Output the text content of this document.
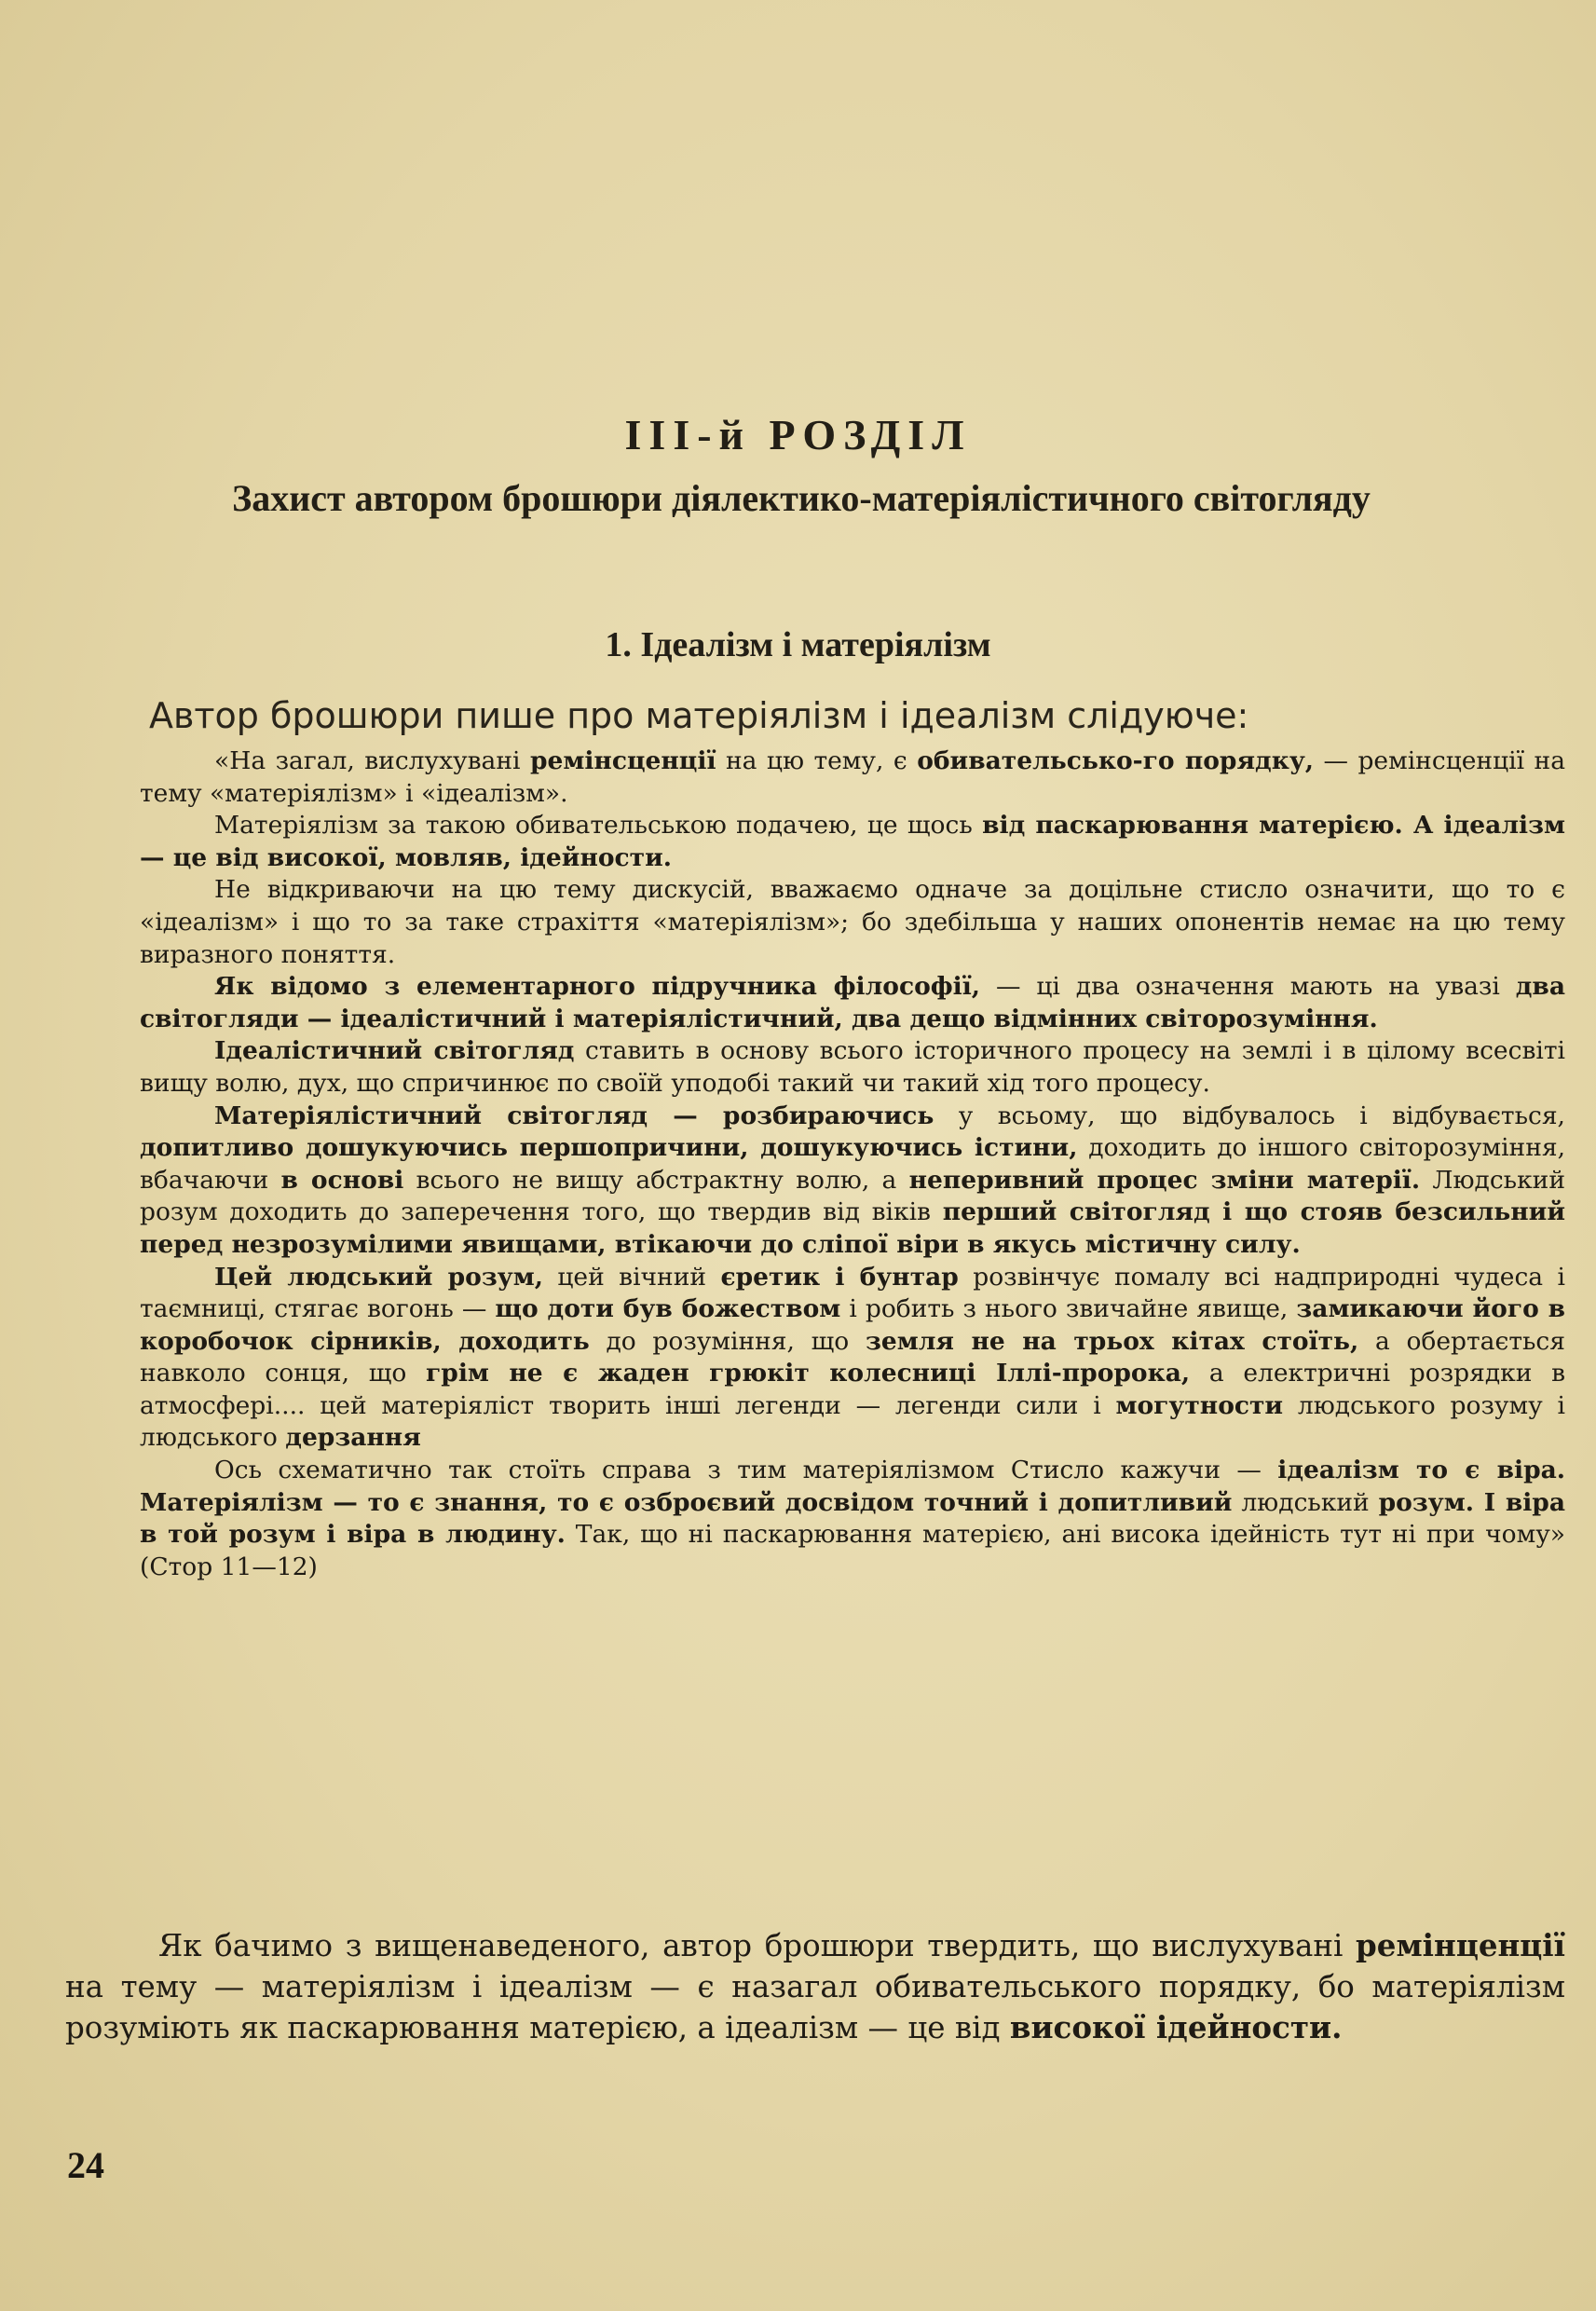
ІІІ-й РОЗДІЛ
Захист автором брошюри діялектико-матеріялістичного світогляду
1. Ідеалізм і матеріялізм
Автор брошюри пише про матеріялізм і ідеалізм слідуюче:

«На загал, вислухувані ремінсценції на цю тему, є обивательсько-го порядку, — ремінсценції на тему «матеріялізм» і «ідеалізм».

Матеріялізм за такою обивательською подачею, це щось від паскарювання матерією. А ідеалізм — це від високої, мовляв, ідейности.

Не відкриваючи на цю тему дискусій, вважаємо одначе за доцільне стисло означити, що то є «ідеалізм» і що то за таке страхіття «матеріялізм»; бо здебільша у наших опонентів немає на цю тему виразного поняття.

Як відомо з елементарного підручника філософії, — ці два означення мають на увазі два світогляди — ідеалістичний і матеріялістичний, два дещо відмінних світорозуміння.

Ідеалістичний світогляд ставить в основу всього історичного процесу на землі і в цілому всесвіті вищу волю, дух, що спричинює по своїй уподобі такий чи такий хід того процесу.

Матеріялістичний світогляд — розбираючись у всьому, що відбувалось і відбувається, допитливо дошукуючись першопричини, дошукуючись істини, доходить до іншого світорозуміння, вбачаючи в основі всього не вищу абстрактну волю, а неперивний процес зміни матерії. Людський розум доходить до заперечення того, що твердив від віків перший світогляд і що стояв безсильний перед незрозумілими явищами, втікаючи до сліпої віри в якусь містичну силу.

Цей людський розум, цей вічний єретик і бунтар розвінчує помалу всі надприродні чудеса і таємниці, стягає вогонь — що доти був божеством і робить з нього звичайне явище, замикаючи його в коробочок сірників, доходить до розуміння, що земля не на трьох кітах стоїть, а обертається навколо сонця, що грім не є жаден грюкіт колесниці Іллі-пророка, а електричні розрядки в атмосфері.... цей матеріяліст творить інші легенди — легенди сили і могутности людського розуму і людського дерзання

Ось схематично так стоїть справа з тим матеріялізмом Стисло кажучи — ідеалізм то є віра. Матеріялізм — то є знання, то є озброєвий досвідом точний і допитливий людський розум. І віра в той розум і віра в людину. Так, що ні паскарювання матерією, ані висока ідейність тут ні при чому» (Стор 11—12)

Як бачимо з вищенаведеного, автор брошюри твердить, що вислухувані ремінценції на тему — матеріялізм і ідеалізм — є назагал обивательського порядку, бо матеріялізм розуміють як паскарювання матерією, а ідеалізм — це від високої ідейности.
24
